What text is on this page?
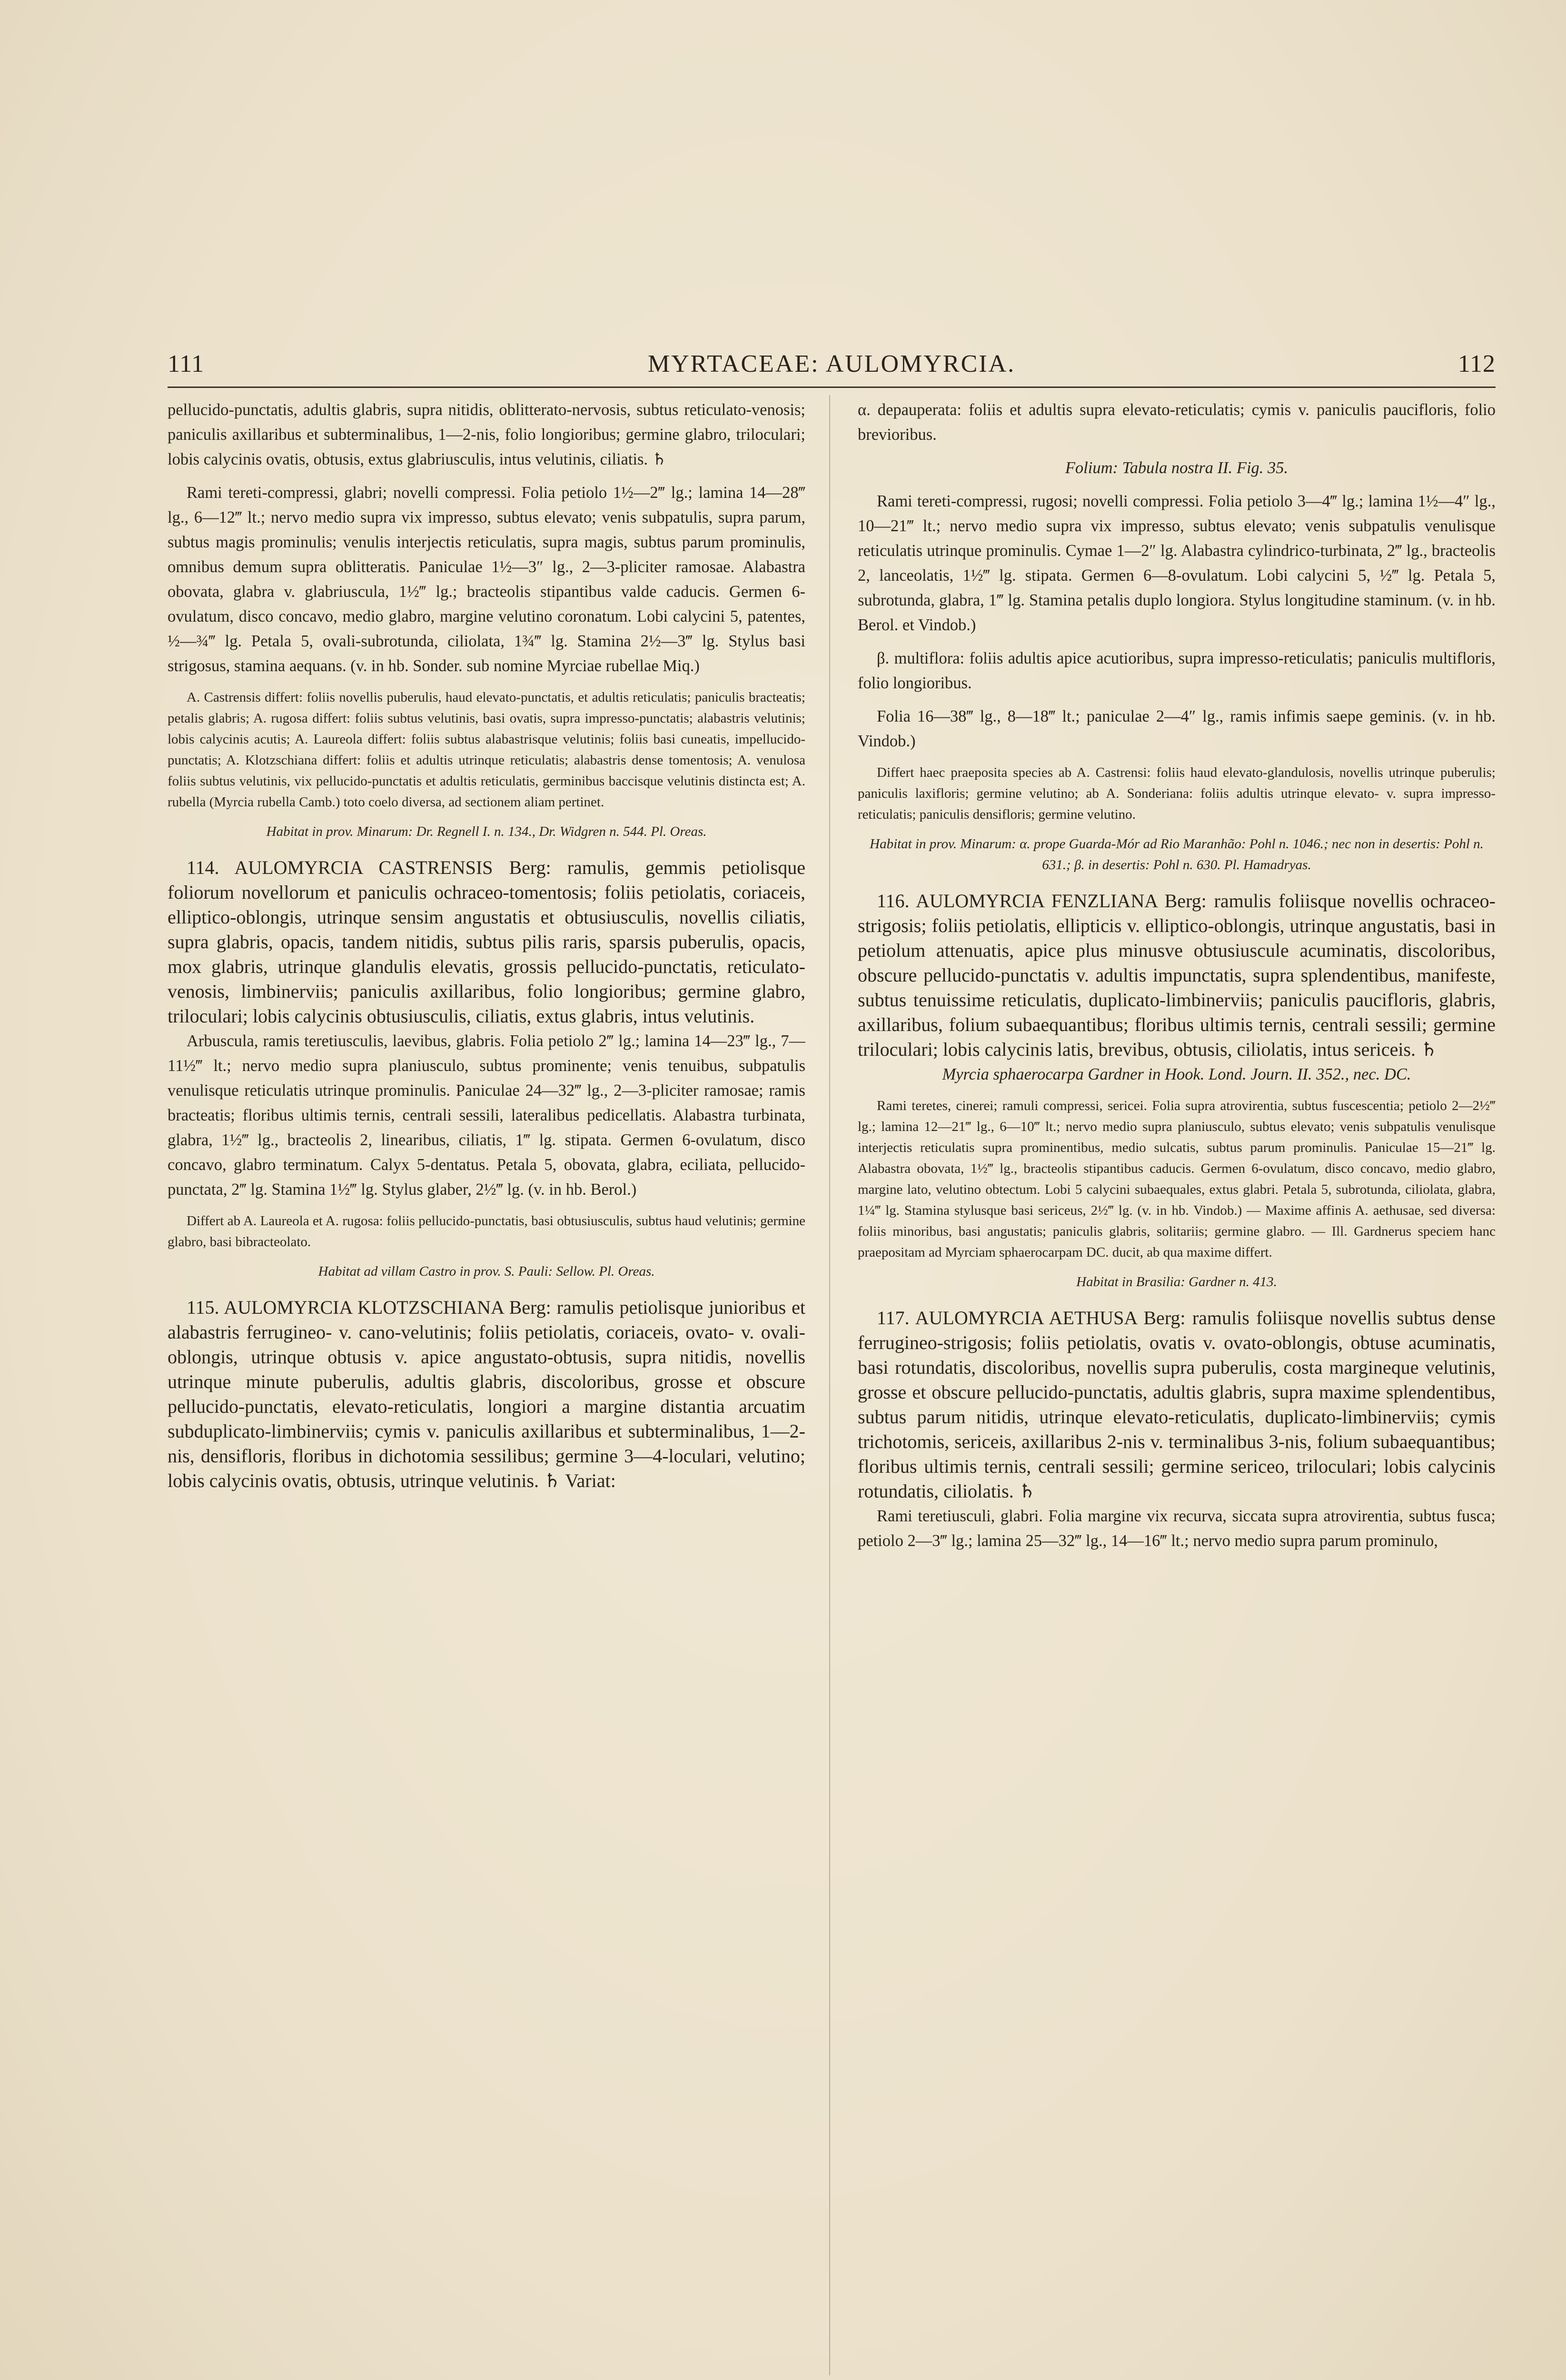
111	MYRTACEAE: AULOMYRCIA.	112

pellucido-punctatis, adultis glabris, supra nitidis, oblitterato-nervosis, subtus reticulato-venosis; paniculis axillaribus et subterminalibus, 1—2-nis, folio longioribus; germine glabro, triloculari; lobis calycinis ovatis, obtusis, extus glabriusculis, intus velutinis, ciliatis. ♄

Rami tereti-compressi, glabri; novelli compressi. Folia petiolo 1½—2‴ lg.; lamina 14—28‴ lg., 6—12‴ lt.; nervo medio supra vix impresso, subtus elevato; venis subpatulis, supra parum, subtus magis prominulis; venulis interjectis reticulatis, supra magis, subtus parum prominulis, omnibus demum supra oblitteratis. Paniculae 1½—3″ lg., 2—3-pliciter ramosae. Alabastra obovata, glabra v. glabriuscula, 1½‴ lg.; bracteolis stipantibus valde caducis. Germen 6-ovulatum, disco concavo, medio glabro, margine velutino coronatum. Lobi calycini 5, patentes, ½—¾‴ lg. Petala 5, ovali-subrotunda, ciliolata, 1¾‴ lg. Stamina 2½—3‴ lg. Stylus basi strigosus, stamina aequans. (v. in hb. Sonder. sub nomine Myrciae rubellae Miq.)

A. Castrensis differt: foliis novellis puberulis, haud elevato-punctatis, et adultis reticulatis; paniculis bracteatis; petalis glabris; A. rugosa differt: foliis subtus velutinis, basi ovatis, supra impresso-punctatis; alabastris velutinis; lobis calycinis acutis; A. Laureola differt: foliis subtus alabastrisque velutinis; foliis basi cuneatis, impellucido-punctatis; A. Klotzschiana differt: foliis et adultis utrinque reticulatis; alabastris dense tomentosis; A. venulosa foliis subtus velutinis, vix pellucido-punctatis et adultis reticulatis, germinibus baccisque velutinis distincta est; A. rubella (Myrcia rubella Camb.) toto coelo diversa, ad sectionem aliam pertinet.

Habitat in prov. Minarum: Dr. Regnell I. n. 134., Dr. Widgren n. 544. Pl. Oreas.

114. AULOMYRCIA CASTRENSIS Berg: ramulis, gemmis petiolisque foliorum novellorum et paniculis ochraceo-tomentosis; foliis petiolatis, coriaceis, elliptico-oblongis, utrinque sensim angustatis et obtusiusculis, novellis ciliatis, supra glabris, opacis, tandem nitidis, subtus pilis raris, sparsis puberulis, opacis, mox glabris, utrinque glandulis elevatis, grossis pellucido-punctatis, reticulato-venosis, limbinerviis; paniculis axillaribus, folio longioribus; germine glabro, triloculari; lobis calycinis obtusiusculis, ciliatis, extus glabris, intus velutinis.

Arbuscula, ramis teretiusculis, laevibus, glabris. Folia petiolo 2‴ lg.; lamina 14—23‴ lg., 7—11½‴ lt.; nervo medio supra planiusculo, subtus prominente; venis tenuibus, subpatulis venulisque reticulatis utrinque prominulis. Paniculae 24—32‴ lg., 2—3-pliciter ramosae; ramis bracteatis; floribus ultimis ternis, centrali sessili, lateralibus pedicellatis. Alabastra turbinata, glabra, 1½‴ lg., bracteolis 2, linearibus, ciliatis, 1‴ lg. stipata. Germen 6-ovulatum, disco concavo, glabro terminatum. Calyx 5-dentatus. Petala 5, obovata, glabra, eciliata, pellucido-punctata, 2‴ lg. Stamina 1½‴ lg. Stylus glaber, 2½‴ lg. (v. in hb. Berol.)

Differt ab A. Laureola et A. rugosa: foliis pellucido-punctatis, basi obtusiusculis, subtus haud velutinis; germine glabro, basi bibracteolato.

Habitat ad villam Castro in prov. S. Pauli: Sellow. Pl. Oreas.

115. AULOMYRCIA KLOTZSCHIANA Berg: ramulis petiolisque junioribus et alabastris ferrugineo- v. cano-velutinis; foliis petiolatis, coriaceis, ovato- v. ovali-oblongis, utrinque obtusis v. apice angustato-obtusis, supra nitidis, novellis utrinque minute puberulis, adultis glabris, discoloribus, grosse et obscure pellucido-punctatis, elevato-reticulatis, longiori a margine distantia arcuatim subduplicato-limbinerviis; cymis v. paniculis axillaribus et subterminalibus, 1—2-nis, densifloris, floribus in dichotomia sessilibus; germine 3—4-loculari, velutino; lobis calycinis ovatis, obtusis, utrinque velutinis. ♄ Variat:

α. depauperata: foliis et adultis supra elevato-reticulatis; cymis v. paniculis paucifloris, folio brevioribus.

Folium: Tabula nostra II. Fig. 35.

Rami tereti-compressi, rugosi; novelli compressi. Folia petiolo 3—4‴ lg.; lamina 1½—4″ lg., 10—21‴ lt.; nervo medio supra vix impresso, subtus elevato; venis subpatulis venulisque reticulatis utrinque prominulis. Cymae 1—2″ lg. Alabastra cylindrico-turbinata, 2‴ lg., bracteolis 2, lanceolatis, 1½‴ lg. stipata. Germen 6—8-ovulatum. Lobi calycini 5, ½‴ lg. Petala 5, subrotunda, glabra, 1‴ lg. Stamina petalis duplo longiora. Stylus longitudine staminum. (v. in hb. Berol. et Vindob.)

β. multiflora: foliis adultis apice acutioribus, supra impresso-reticulatis; paniculis multifloris, folio longioribus.

Folia 16—38‴ lg., 8—18‴ lt.; paniculae 2—4″ lg., ramis infimis saepe geminis. (v. in hb. Vindob.)

Differt haec praeposita species ab A. Castrensi: foliis haud elevato-glandulosis, novellis utrinque puberulis; paniculis laxifloris; germine velutino; ab A. Sonderiana: foliis adultis utrinque elevato- v. supra impresso-reticulatis; paniculis densifloris; germine velutino.

Habitat in prov. Minarum: α. prope Guarda-Mór ad Rio Maranhão: Pohl n. 1046.; nec non in desertis: Pohl n. 631.; β. in desertis: Pohl n. 630. Pl. Hamadryas.

116. AULOMYRCIA FENZLIANA Berg: ramulis foliisque novellis ochraceo-strigosis; foliis petiolatis, ellipticis v. elliptico-oblongis, utrinque angustatis, basi in petiolum attenuatis, apice plus minusve obtusiuscule acuminatis, discoloribus, obscure pellucido-punctatis v. adultis impunctatis, supra splendentibus, manifeste, subtus tenuissime reticulatis, duplicato-limbinerviis; paniculis paucifloris, glabris, axillaribus, folium subaequantibus; floribus ultimis ternis, centrali sessili; germine triloculari; lobis calycinis latis, brevibus, obtusis, ciliolatis, intus sericeis. ♄

Myrcia sphaerocarpa Gardner in Hook. Lond. Journ. II. 352., nec. DC.

Rami teretes, cinerei; ramuli compressi, sericei. Folia supra atrovirentia, subtus fuscescentia; petiolo 2—2½‴ lg.; lamina 12—21‴ lg., 6—10‴ lt.; nervo medio supra planiusculo, subtus elevato; venis subpatulis venulisque interjectis reticulatis supra prominentibus, medio sulcatis, subtus parum prominulis. Paniculae 15—21‴ lg. Alabastra obovata, 1½‴ lg., bracteolis stipantibus caducis. Germen 6-ovulatum, disco concavo, medio glabro, margine lato, velutino obtectum. Lobi 5 calycini subaequales, extus glabri. Petala 5, subrotunda, ciliolata, glabra, 1¼‴ lg. Stamina stylusque basi sericeus, 2½‴ lg. (v. in hb. Vindob.) — Maxime affinis A. aethusae, sed diversa: foliis minoribus, basi angustatis; paniculis glabris, solitariis; germine glabro. — Ill. Gardnerus speciem hanc praepositam ad Myrciam sphaerocarpam DC. ducit, ab qua maxime differt.

Habitat in Brasilia: Gardner n. 413.

117. AULOMYRCIA AETHUSA Berg: ramulis foliisque novellis subtus dense ferrugineo-strigosis; foliis petiolatis, ovatis v. ovato-oblongis, obtuse acuminatis, basi rotundatis, discoloribus, novellis supra puberulis, costa margineque velutinis, grosse et obscure pellucido-punctatis, adultis glabris, supra maxime splendentibus, subtus parum nitidis, utrinque elevato-reticulatis, duplicato-limbinerviis; cymis trichotomis, sericeis, axillaribus 2-nis v. terminalibus 3-nis, folium subaequantibus; floribus ultimis ternis, centrali sessili; germine sericeo, triloculari; lobis calycinis rotundatis, ciliolatis. ♄

Rami teretiusculi, glabri. Folia margine vix recurva, siccata supra atrovirentia, subtus fusca; petiolo 2—3‴ lg.; lamina 25—32‴ lg., 14—16‴ lt.; nervo medio supra parum prominulo,
